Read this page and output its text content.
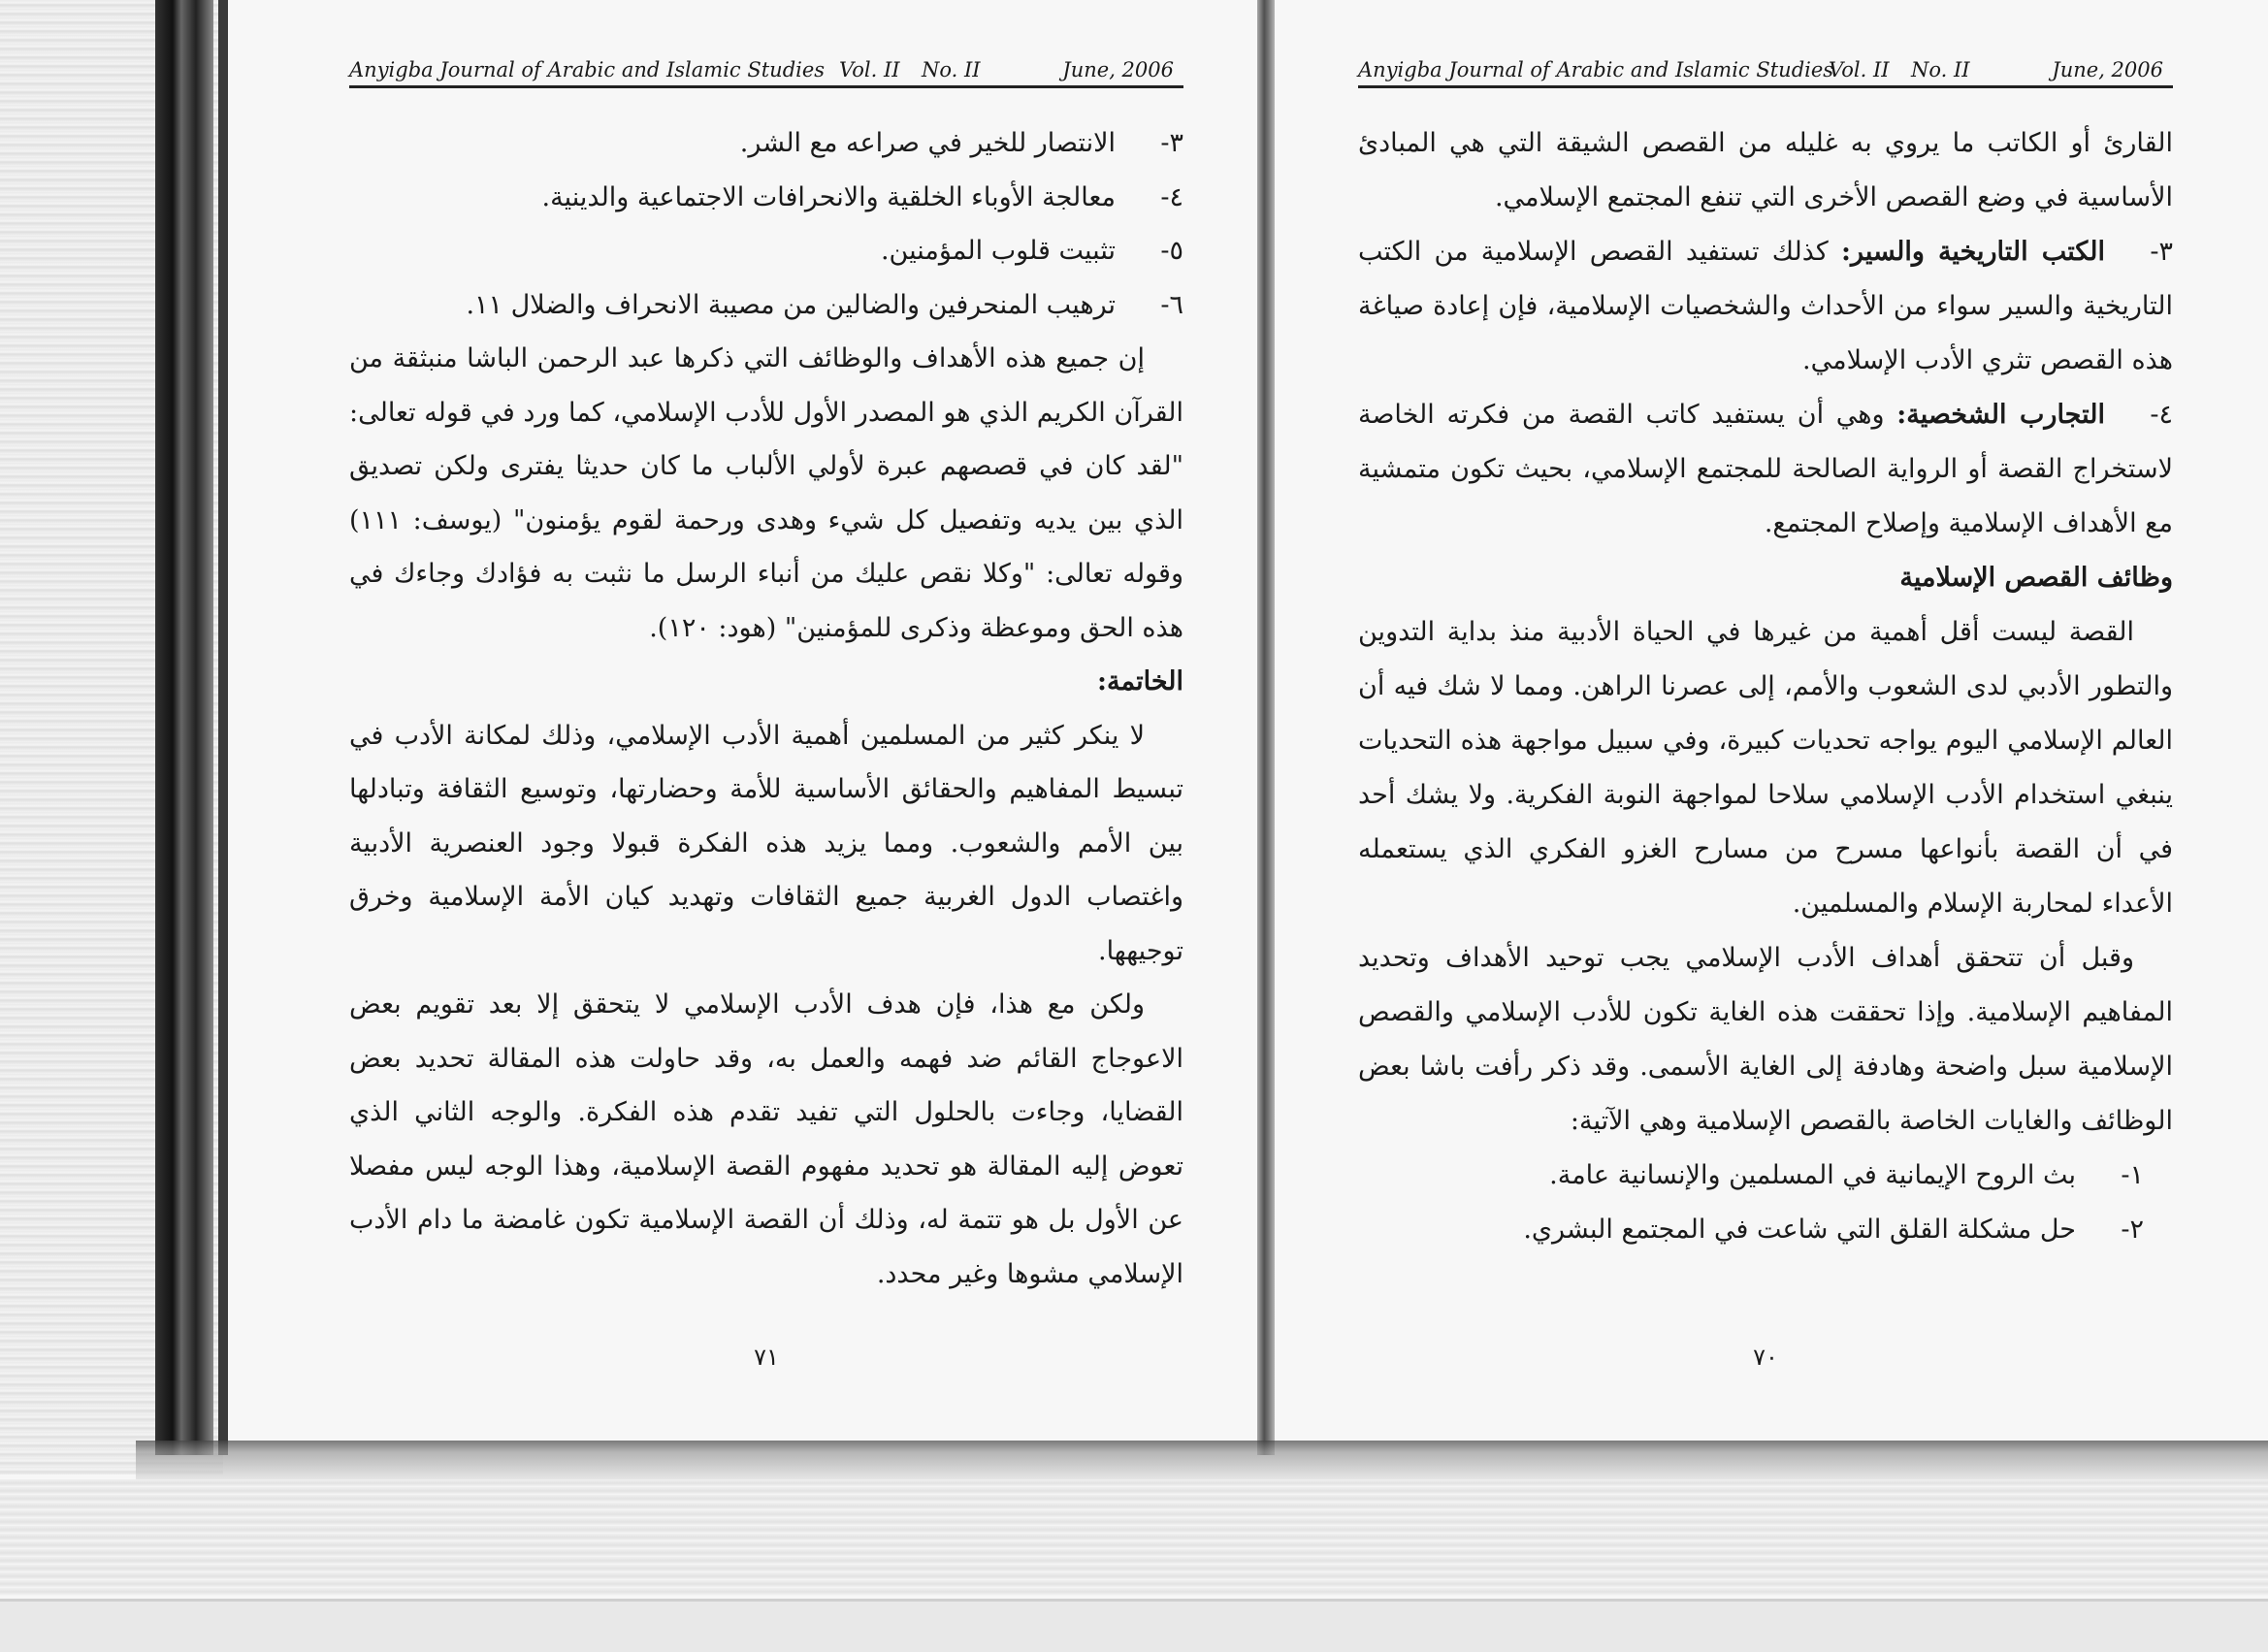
Anyigba Journal of Arabic and Islamic Studies Vol. II No. II	June, 2006

٣-الانتصار للخير في صراعه مع الشر.

٤-معالجة الأوباء الخلقية والانحرافات الاجتماعية والدينية.

٥-تثبيت قلوب المؤمنين.

٦-ترهيب المنحرفين والضالين من مصيبة الانحراف والضلال ١١.

إن جميع هذه الأهداف والوظائف التي ذكرها عبد الرحمن الباشا منبثقة من القرآن الكريم الذي هو المصدر الأول للأدب الإسلامي، كما ورد في قوله تعالى: "لقد كان في قصصهم عبرة لأولي الألباب ما كان حديثا يفترى ولكن تصديق الذي بين يديه وتفصيل كل شيء وهدى ورحمة لقوم يؤمنون" (يوسف: ١١١) وقوله تعالى: "وكلا نقص عليك من أنباء الرسل ما نثبت به فؤادك وجاءك في هذه الحق وموعظة وذكرى للمؤمنين" (هود: ١٢٠).

الخاتمة:

لا ينكر كثير من المسلمين أهمية الأدب الإسلامي، وذلك لمكانة الأدب في تبسيط المفاهيم والحقائق الأساسية للأمة وحضارتها، وتوسيع الثقافة وتبادلها بين الأمم والشعوب. ومما يزيد هذه الفكرة قبولا وجود العنصرية الأدبية واغتصاب الدول الغربية جميع الثقافات وتهديد كيان الأمة الإسلامية وخرق توجيهها.

ولكن مع هذا، فإن هدف الأدب الإسلامي لا يتحقق إلا بعد تقويم بعض الاعوجاج القائم ضد فهمه والعمل به، وقد حاولت هذه المقالة تحديد بعض القضايا، وجاءت بالحلول التي تفيد تقدم هذه الفكرة. والوجه الثاني الذي تعوض إليه المقالة هو تحديد مفهوم القصة الإسلامية، وهذا الوجه ليس مفصلا عن الأول بل هو تتمة له، وذلك أن القصة الإسلامية تكون غامضة ما دام الأدب الإسلامي مشوها وغير محدد.

٧١
Anyigba Journal of Arabic and Islamic Studies
Vol. II No. II	June, 2006

القارئ أو الكاتب ما يروي به غليله من القصص الشيقة التي هي المبادئ الأساسية في وضع القصص الأخرى التي تنفع المجتمع الإسلامي.

٣-الكتب التاريخية والسير: كذلك تستفيد القصص الإسلامية من الكتب التاريخية والسير سواء من الأحداث والشخصيات الإسلامية، فإن إعادة صياغة هذه القصص تثري الأدب الإسلامي.

٤-التجارب الشخصية: وهي أن يستفيد كاتب القصة من فكرته الخاصة لاستخراج القصة أو الرواية الصالحة للمجتمع الإسلامي، بحيث تكون متمشية مع الأهداف الإسلامية وإصلاح المجتمع.

وظائف القصص الإسلامية

القصة ليست أقل أهمية من غيرها في الحياة الأدبية منذ بداية التدوين والتطور الأدبي لدى الشعوب والأمم، إلى عصرنا الراهن. ومما لا شك فيه أن العالم الإسلامي اليوم يواجه تحديات كبيرة، وفي سبيل مواجهة هذه التحديات ينبغي استخدام الأدب الإسلامي سلاحا لمواجهة النوبة الفكرية. ولا يشك أحد في أن القصة بأنواعها مسرح من مسارح الغزو الفكري الذي يستعمله الأعداء لمحاربة الإسلام والمسلمين.

وقبل أن تتحقق أهداف الأدب الإسلامي يجب توحيد الأهداف وتحديد المفاهيم الإسلامية. وإذا تحققت هذه الغاية تكون للأدب الإسلامي والقصص الإسلامية سبل واضحة وهادفة إلى الغاية الأسمى. وقد ذكر رأفت باشا بعض الوظائف والغايات الخاصة بالقصص الإسلامية وهي الآتية:

١-بث الروح الإيمانية في المسلمين والإنسانية عامة.

٢-حل مشكلة القلق التي شاعت في المجتمع البشري.

٧٠
